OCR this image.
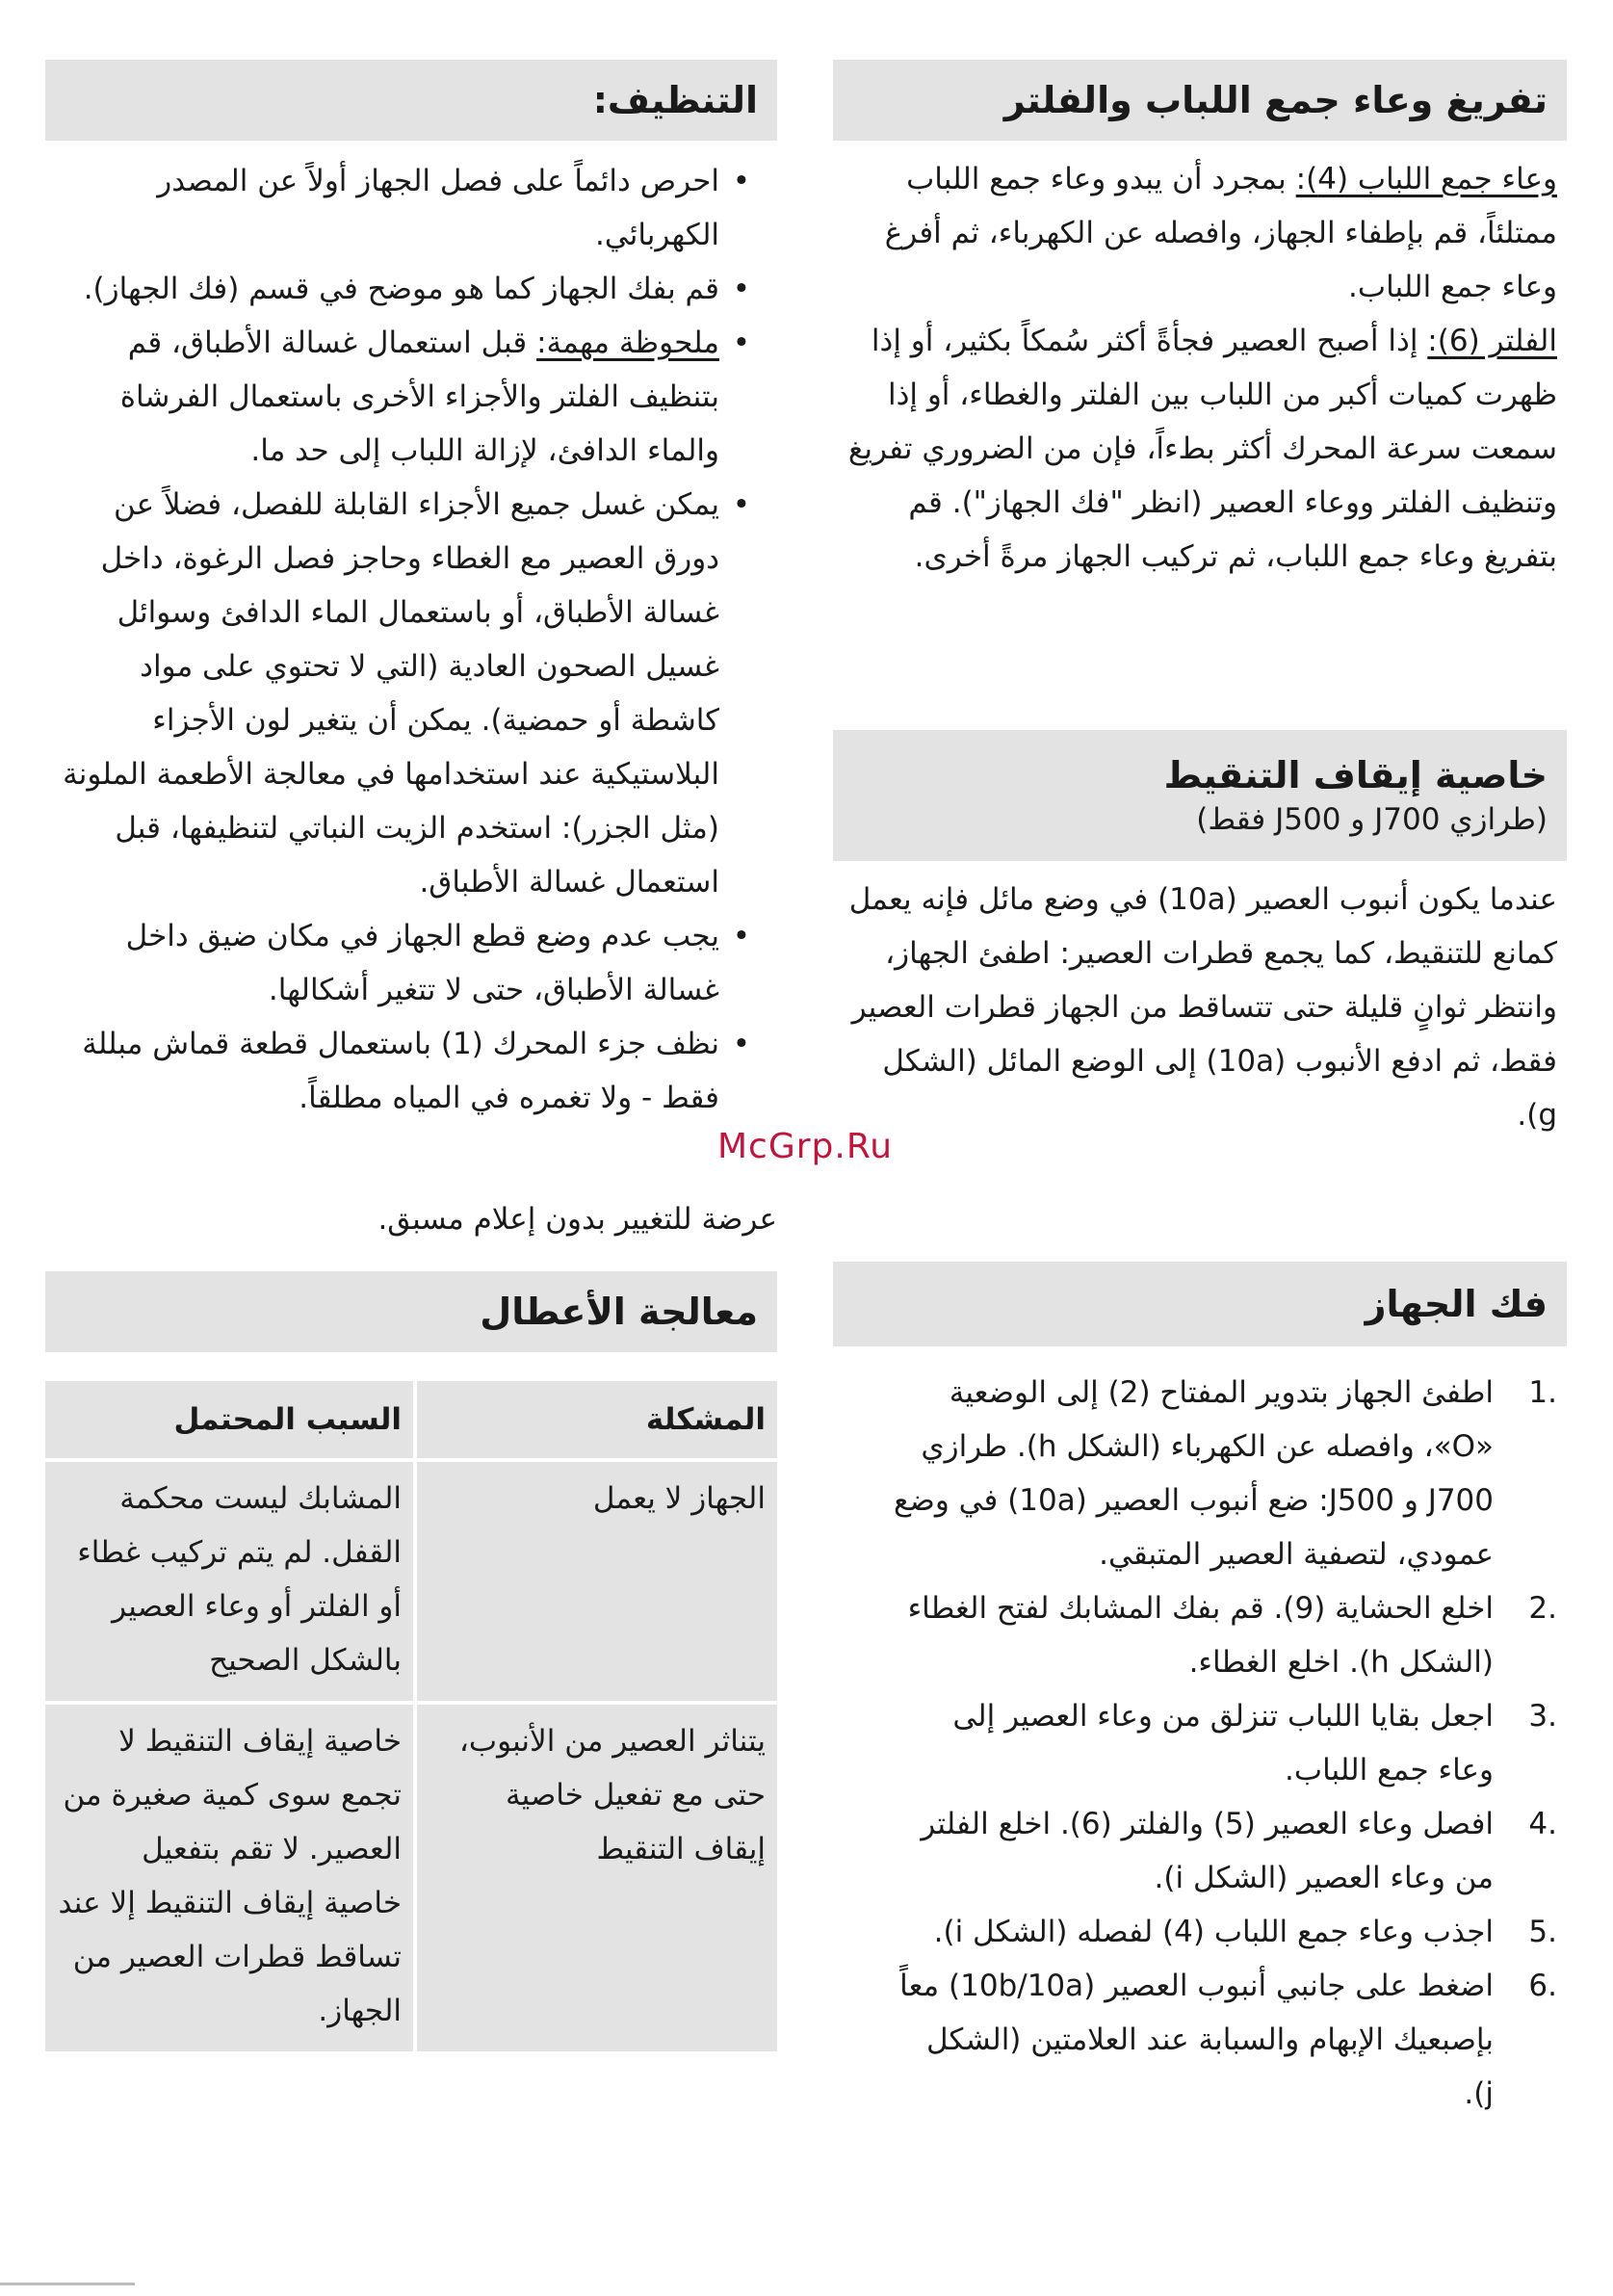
تفريغ وعاء جمع اللباب والفلتر

وعاء جمع اللباب (4): بمجرد أن يبدو وعاء جمع اللباب ممتلئاً، قم بإطفاء الجهاز، وافصله عن الكهرباء، ثم أفرغ وعاء جمع اللباب.

الفلتر (6): إذا أصبح العصير فجأةً أكثر سُمكاً بكثير، أو إذا ظهرت كميات أكبر من اللباب بين الفلتر والغطاء، أو إذا سمعت سرعة المحرك أكثر بطءاً، فإن من الضروري تفريغ وتنظيف الفلتر ووعاء العصير (انظر "فك الجهاز"). قم بتفريغ وعاء جمع اللباب، ثم تركيب الجهاز مرةً أخرى.

خاصية إيقاف التنقيط
(طرازي J700 و J500 فقط)

عندما يكون أنبوب العصير (10a) في وضع مائل فإنه يعمل كمانع للتنقيط، كما يجمع قطرات العصير: اطفئ الجهاز، وانتظر ثوانٍ قليلة حتى تتساقط من الجهاز قطرات العصير فقط، ثم ادفع الأنبوب (10a) إلى الوضع المائل (الشكل g).

فك الجهاز
1.
اطفئ الجهاز بتدوير المفتاح (2) إلى الوضعية «O»، وافصله عن الكهرباء (الشكل h). طرازي J700 و J500: ضع أنبوب العصير (10a) في وضع عمودي، لتصفية العصير المتبقي.
2.
اخلع الحشاية (9). قم بفك المشابك لفتح الغطاء (الشكل h). اخلع الغطاء.
3.
اجعل بقايا اللباب تنزلق من وعاء العصير إلى وعاء جمع اللباب.
4.
افصل وعاء العصير (5) والفلتر (6). اخلع الفلتر من وعاء العصير (الشكل i).
5.
اجذب وعاء جمع اللباب (4) لفصله (الشكل i).
6.
اضغط على جانبي أنبوب العصير (10b/10a) معاً بإصبعيك الإبهام والسبابة عند العلامتين (الشكل j).
التنظيف:
• احرص دائماً على فصل الجهاز أولاً عن المصدر الكهربائي.
• قم بفك الجهاز كما هو موضح في قسم (فك الجهاز).
• ملحوظة مهمة: قبل استعمال غسالة الأطباق، قم بتنظيف الفلتر والأجزاء الأخرى باستعمال الفرشاة والماء الدافئ، لإزالة اللباب إلى حد ما.
• يمكن غسل جميع الأجزاء القابلة للفصل، فضلاً عن دورق العصير مع الغطاء وحاجز فصل الرغوة، داخل غسالة الأطباق، أو باستعمال الماء الدافئ وسوائل غسيل الصحون العادية (التي لا تحتوي على مواد كاشطة أو حمضية). يمكن أن يتغير لون الأجزاء البلاستيكية عند استخدامها في معالجة الأطعمة الملونة (مثل الجزر): استخدم الزيت النباتي لتنظيفها، قبل استعمال غسالة الأطباق.
• يجب عدم وضع قطع الجهاز في مكان ضيق داخل غسالة الأطباق، حتى لا تتغير أشكالها.
• نظف جزء المحرك (1) باستعمال قطعة قماش مبللة فقط - ولا تغمره في المياه مطلقاً.
عرضة للتغيير بدون إعلام مسبق.
معالجة الأعطال
المشكلة	السبب المحتمل
الجهاز لا يعمل	المشابك ليست محكمة القفل. لم يتم تركيب غطاء أو الفلتر أو وعاء العصير بالشكل الصحيح
يتناثر العصير من الأنبوب، حتى مع تفعيل خاصية إيقاف التنقيط	خاصية إيقاف التنقيط لا تجمع سوى كمية صغيرة من العصير. لا تقم بتفعيل خاصية إيقاف التنقيط إلا عند تساقط قطرات العصير من الجهاز.
McGrp.Ru
